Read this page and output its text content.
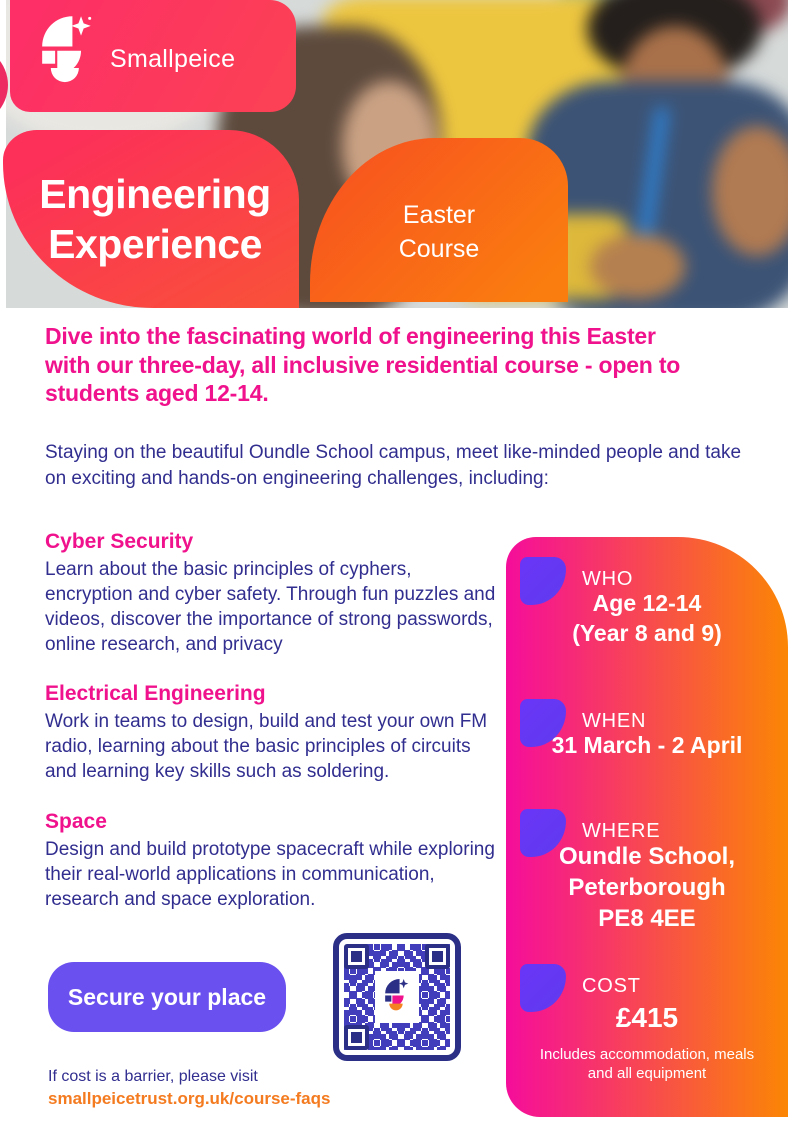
Smallpeice
Engineering
Experience
Easter
Course
Dive into the fascinating world of engineering this Easter
with our three-day, all inclusive residential course - open to
students aged 12-14.
Staying on the beautiful Oundle School campus, meet like-minded people and take on exciting and hands-on engineering challenges, including:
Cyber Security

Learn about the basic principles of cyphers, encryption and cyber safety. Through fun puzzles and videos, discover the importance of strong passwords, online research, and privacy

Electrical Engineering

Work in teams to design, build and test your own FM radio, learning about the basic principles of circuits and learning key skills such as soldering.

Space

Design and build prototype spacecraft while exploring their real-world applications in communication, research and space exploration.

WHO
Age 12-14
(Year 8 and 9)
WHEN
31 March - 2 April
WHERE
Oundle School,
Peterborough
PE8 4EE
COST
£415
Includes accommodation, meals and all equipment
Secure your place
If cost is a barrier, please visit
smallpeicetrust.org.uk/course-faqs
